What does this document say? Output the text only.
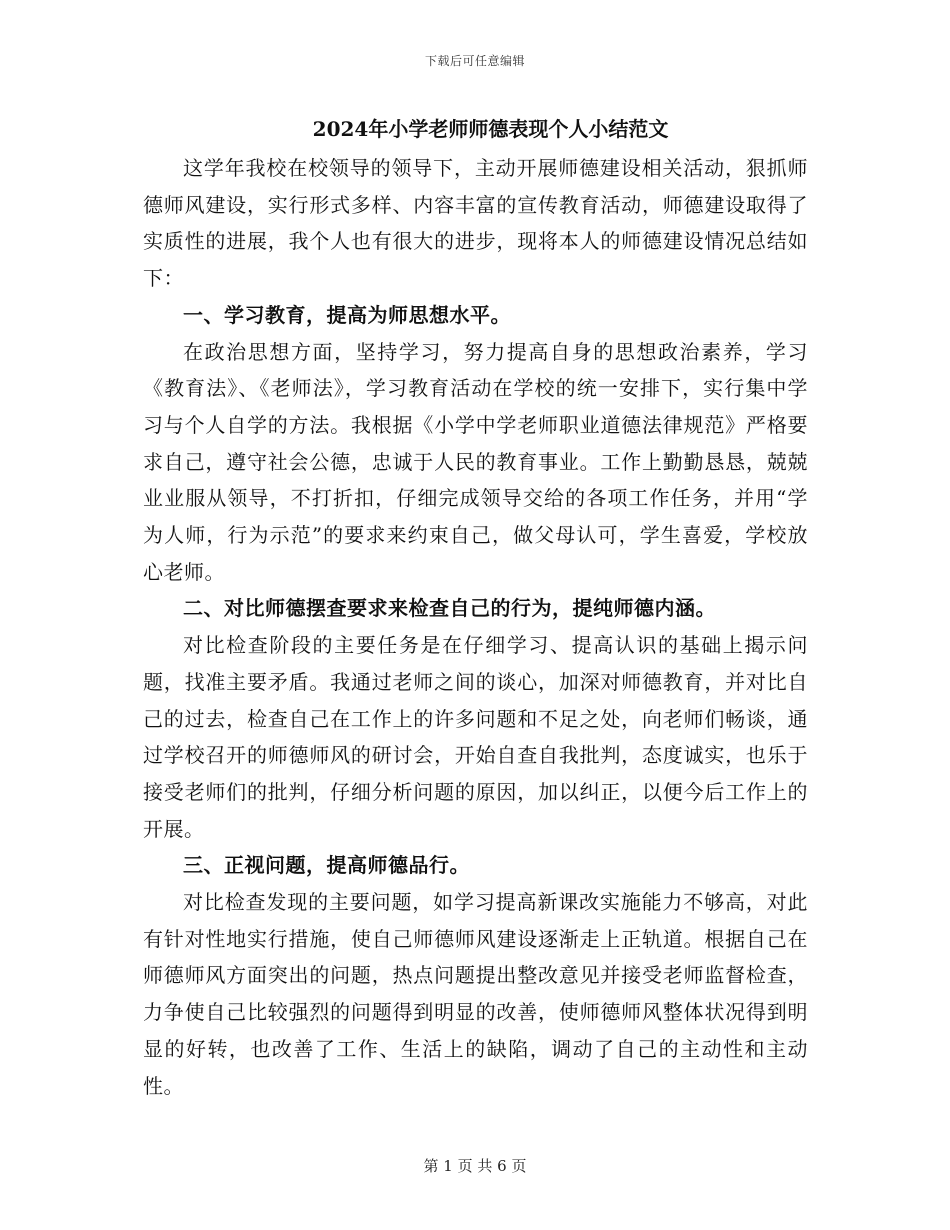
下载后可任意编辑
2024年小学老师师德表现个人小结范文

这学年我校在校领导的领导下，主动开展师德建设相关活动，狠抓师德师风建设，实行形式多样、内容丰富的宣传教育活动，师德建设取得了实质性的进展，我个人也有很大的进步，现将本人的师德建设情况总结如下：

一、学习教育，提高为师思想水平。

在政治思想方面，坚持学习，努力提高自身的思想政治素养，学习《教育法》、《老师法》，学习教育活动在学校的统一安排下，实行集中学习与个人自学的方法。我根据《小学中学老师职业道德法律规范》严格要求自己，遵守社会公德，忠诚于人民的教育事业。工作上勤勤恳恳，兢兢业业服从领导，不打折扣，仔细完成领导交给的各项工作任务，并用“学为人师，行为示范”的要求来约束自己，做父母认可，学生喜爱，学校放心老师。

二、对比师德摆查要求来检查自己的行为，提纯师德内涵。

对比检查阶段的主要任务是在仔细学习、提高认识的基础上揭示问题，找准主要矛盾。我通过老师之间的谈心，加深对师德教育，并对比自己的过去，检查自己在工作上的许多问题和不足之处，向老师们畅谈，通过学校召开的师德师风的研讨会，开始自查自我批判，态度诚实，也乐于接受老师们的批判，仔细分析问题的原因，加以纠正，以便今后工作上的开展。

三、正视问题，提高师德品行。

对比检查发现的主要问题，如学习提高新课改实施能力不够高，对此有针对性地实行措施，使自己师德师风建设逐渐走上正轨道。根据自己在师德师风方面突出的问题，热点问题提出整改意见并接受老师监督检查，力争使自己比较强烈的问题得到明显的改善，使师德师风整体状况得到明显的好转，也改善了工作、生活上的缺陷，调动了自己的主动性和主动性。

第 1 页 共 6 页
